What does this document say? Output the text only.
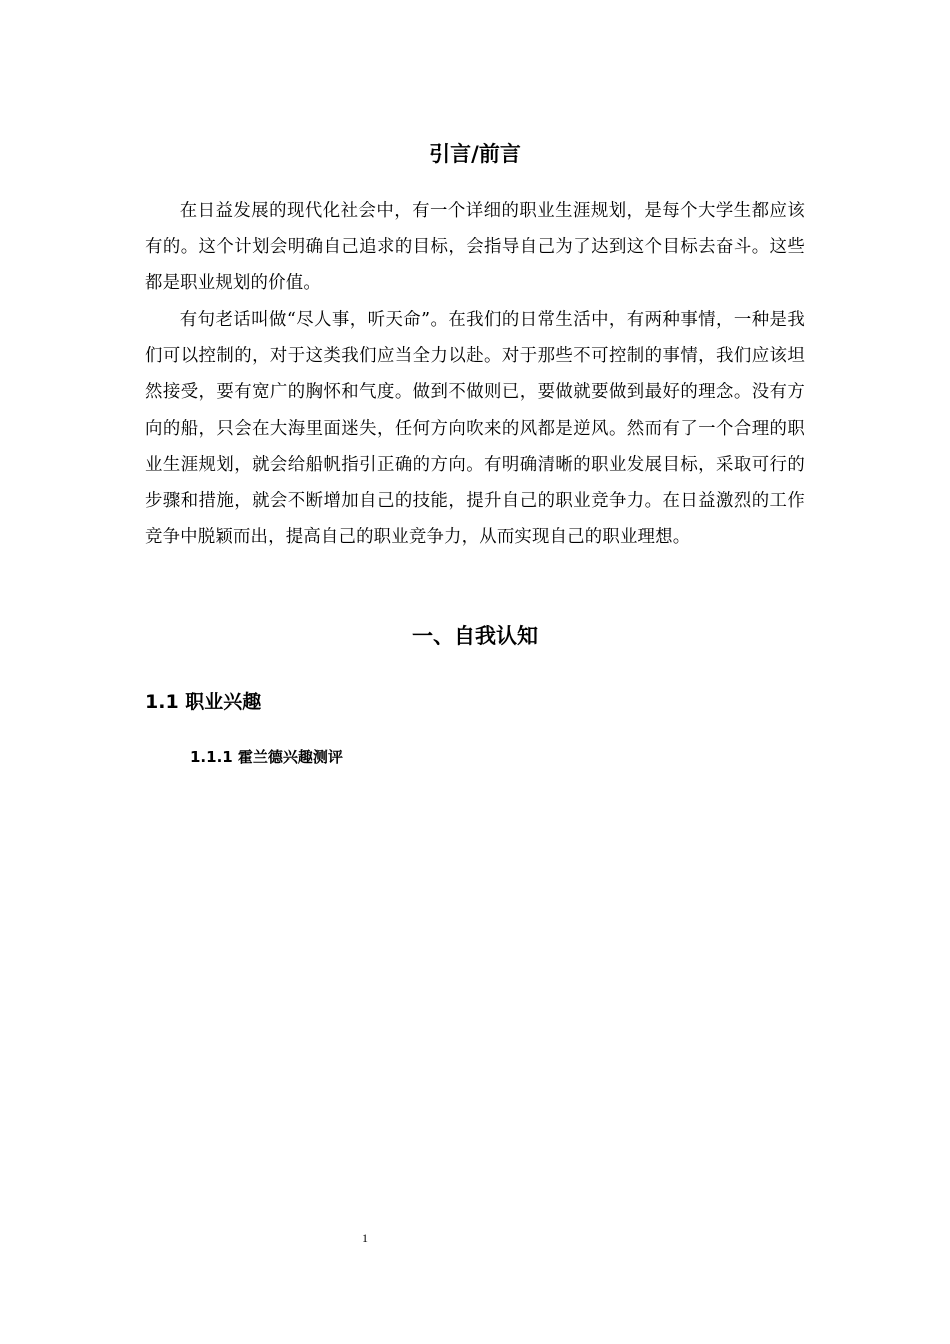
引言/前言

在日益发展的现代化社会中，有一个详细的职业生涯规划，是每个大学生都应该有的。这个计划会明确自己追求的目标，会指导自己为了达到这个目标去奋斗。这些都是职业规划的价值。

有句老话叫做“尽人事，听天命”。在我们的日常生活中，有两种事情，一种是我们可以控制的，对于这类我们应当全力以赴。对于那些不可控制的事情，我们应该坦然接受，要有宽广的胸怀和气度。做到不做则已，要做就要做到最好的理念。没有方向的船，只会在大海里面迷失，任何方向吹来的风都是逆风。然而有了一个合理的职业生涯规划，就会给船帆指引正确的方向。有明确清晰的职业发展目标，采取可行的步骤和措施，就会不断增加自己的技能，提升自己的职业竞争力。在日益激烈的工作竞争中脱颖而出，提高自己的职业竞争力，从而实现自己的职业理想。

一、自我认知
1.1 职业兴趣
1.1.1 霍兰德兴趣测评
1
